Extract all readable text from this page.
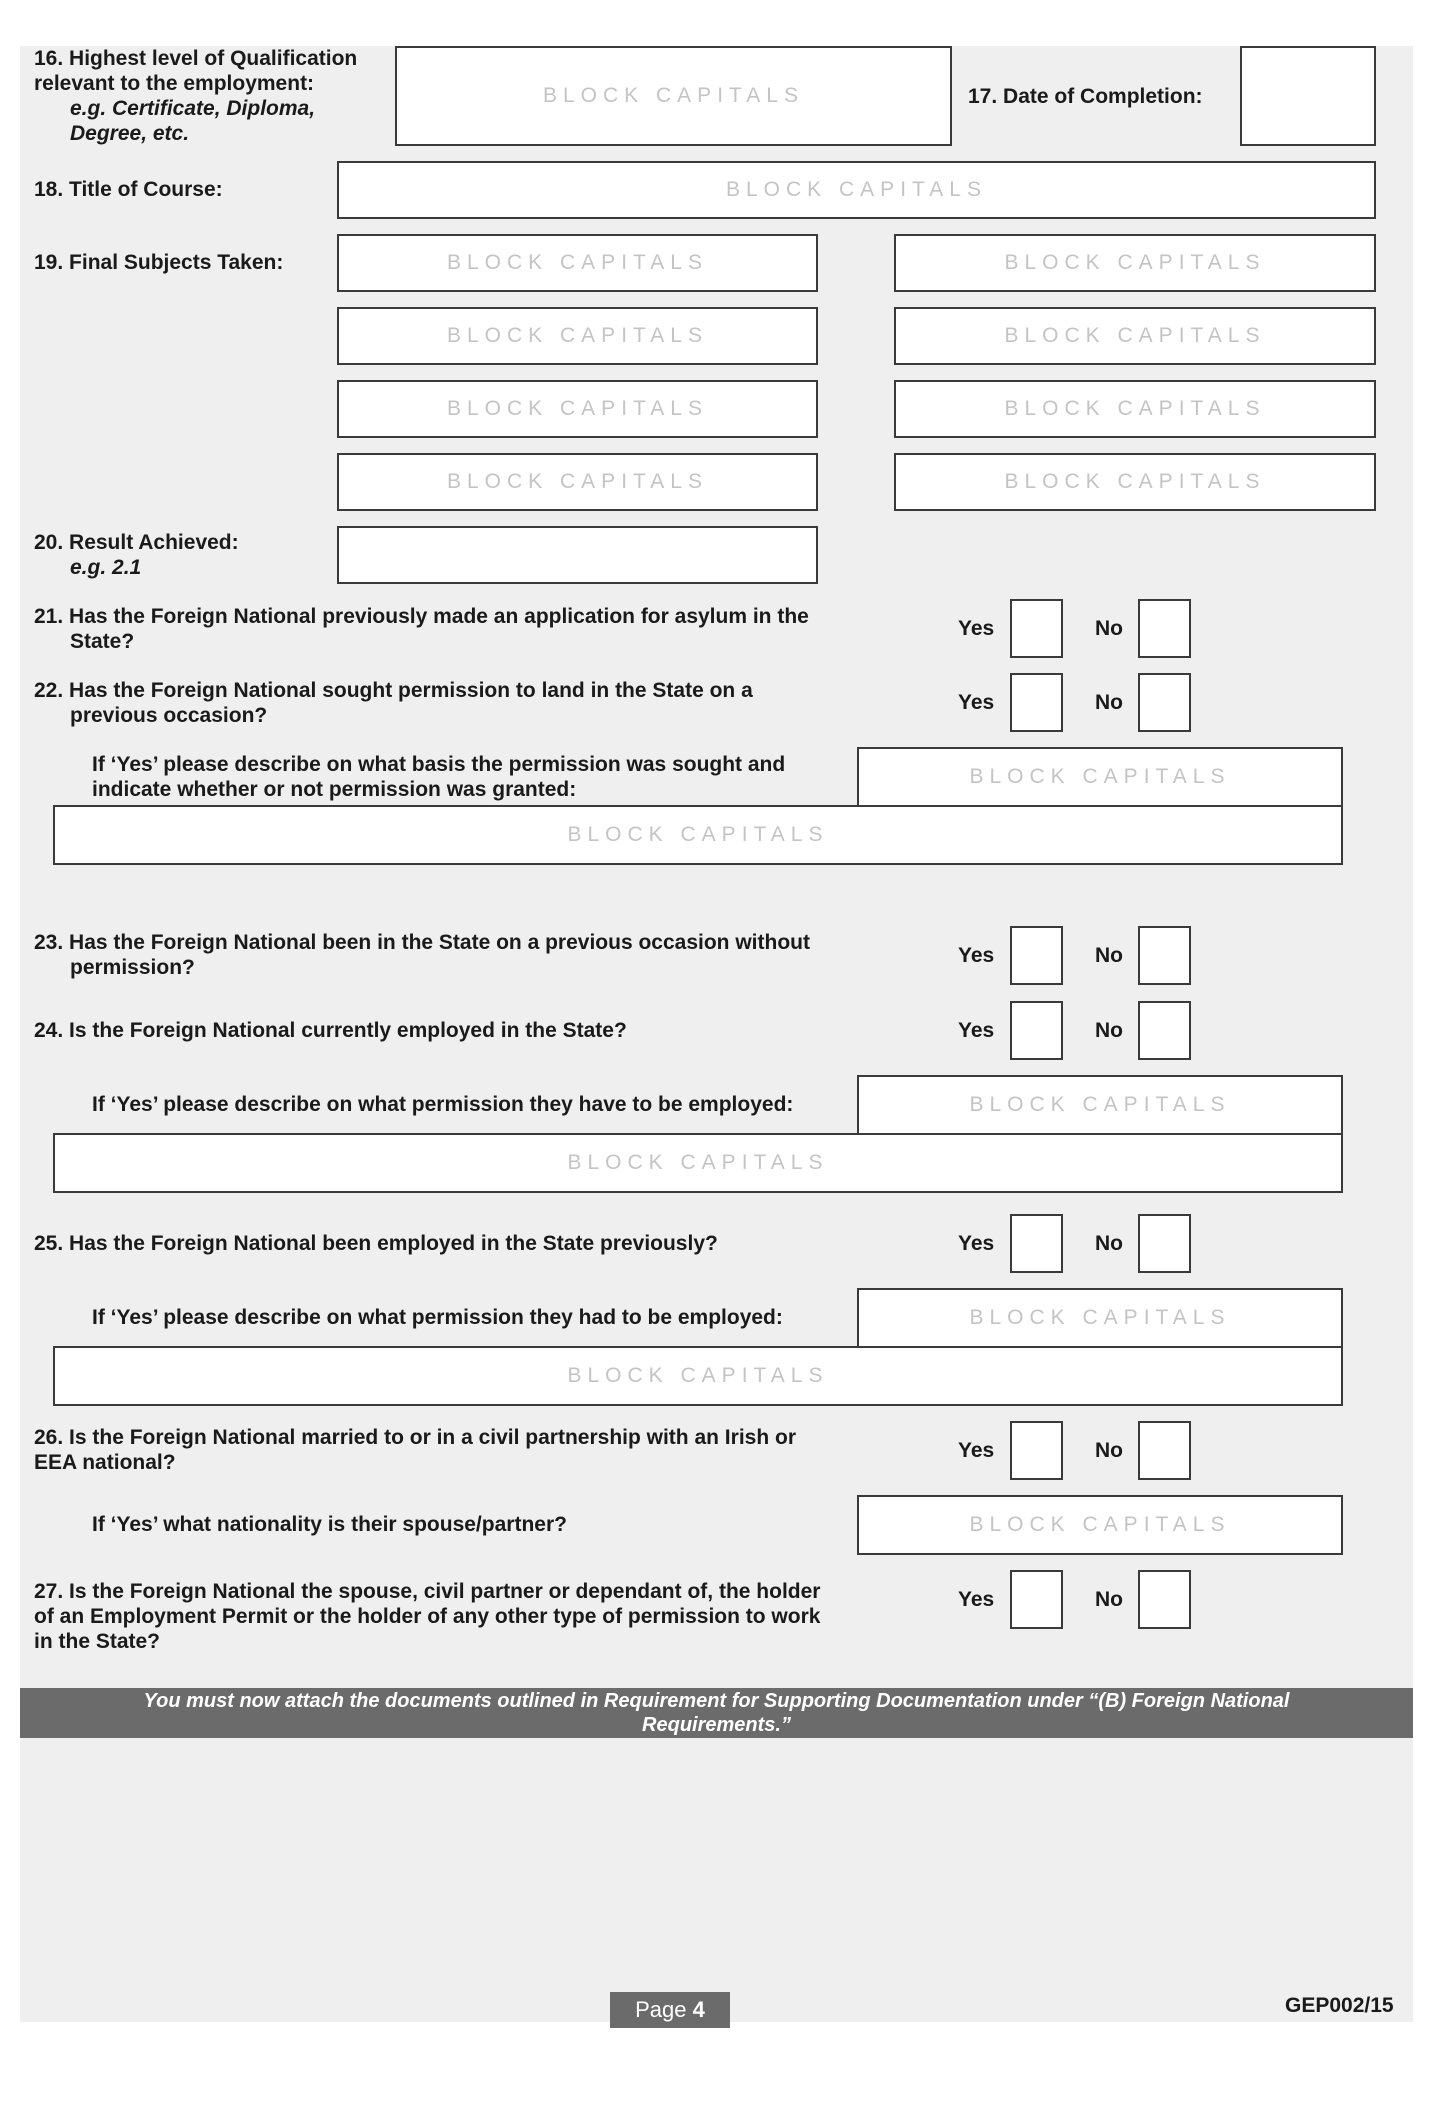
16. Highest level of Qualification
relevant to the employment:
e.g. Certificate, Diploma,
Degree, etc.
BLOCK CAPITALS	17. Date of Completion:
18. Title of Course:	BLOCK CAPITALS
19. Final Subjects Taken:	BLOCK CAPITALS	BLOCK CAPITALS
BLOCK CAPITALS	BLOCK CAPITALS
BLOCK CAPITALS	BLOCK CAPITALS
BLOCK CAPITALS	BLOCK CAPITALS
20. Result Achieved:
e.g. 2.1
21. Has the Foreign National previously made an application for asylum in the
State?
Yes	No
22. Has the Foreign National sought permission to land in the State on a
previous occasion?
Yes	No
If ‘Yes’ please describe on what basis the permission was sought and
indicate whether or not permission was granted:
BLOCK CAPITALS
BLOCK CAPITALS
23. Has the Foreign National been in the State on a previous occasion without
permission?
Yes	No
24. Is the Foreign National currently employed in the State?	Yes	No
If ‘Yes’ please describe on what permission they have to be employed:	BLOCK CAPITALS
BLOCK CAPITALS
25. Has the Foreign National been employed in the State previously?	Yes	No
If ‘Yes’ please describe on what permission they had to be employed:	BLOCK CAPITALS
BLOCK CAPITALS
26. Is the Foreign National married to or in a civil partnership with an Irish or
EEA national?
Yes	No
If ‘Yes’ what nationality is their spouse/partner?	BLOCK CAPITALS
27. Is the Foreign National the spouse, civil partner or dependant of, the holder
of an Employment Permit or the holder of any other type of permission to work
in the State?
Yes	No
You must now attach the documents outlined in Requirement for Supporting Documentation under “(B) Foreign National
Requirements.”
Page
4	GEP002/15
